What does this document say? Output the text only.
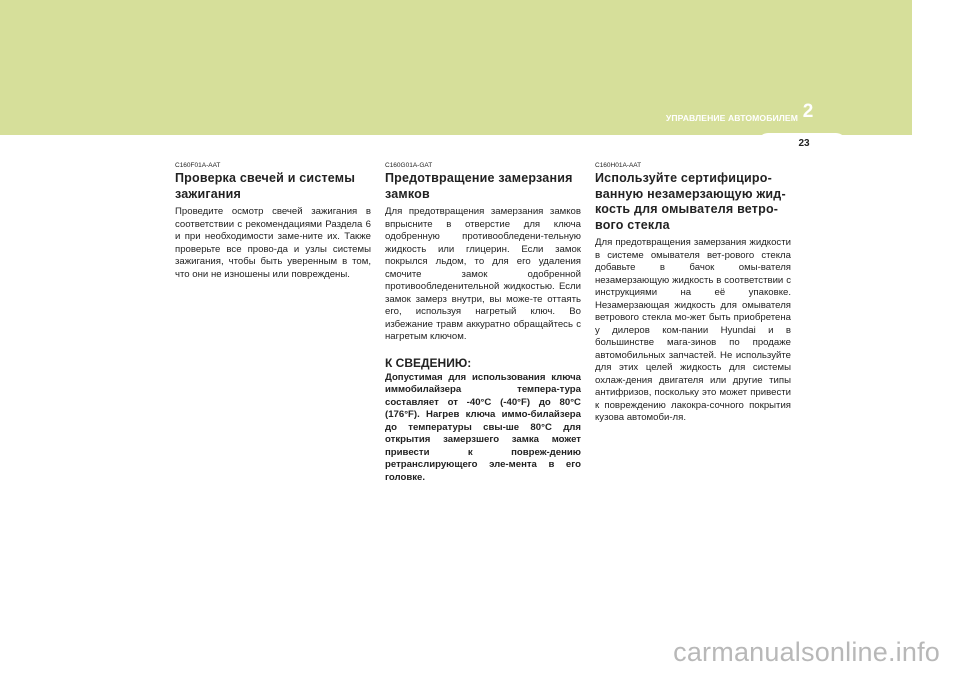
УПРАВЛЕНИЕ АВТОМОБИЛЕМ 2
23

C160F01A-AAT

Проверка свечей и системы зажигания

Проведите осмотр свечей зажигания в соответствии с рекомендациями Раздела 6 и при необходимости заме-ните их. Также проверьте все прово-да и узлы системы зажигания, чтобы быть уверенным в том, что они не изношены или повреждены.

C160G01A-GAT

Предотвращение замерзания замков

Для предотвращения замерзания замков впрысните в отверстие для ключа одобренную противообледени-тельную жидкость или глицерин. Если замок покрылся льдом, то для его удаления смочите замок одобренной противообледенительной жидкостью. Если замок замерз внутри, вы може-те оттаять его, используя нагретый ключ. Во избежание травм аккуратно обращайтесь с нагретым ключом.

К СВЕДЕНИЮ:

Допустимая для использования ключа иммобилайзера темпера-тура составляет от -40°C (-40°F) до 80°C (176°F). Нагрев ключа иммо-билайзера до температуры свы-ше 80°C для открытия замерзшего замка может привести к повреж-дению ретранслирующего эле-мента в его головке.

C160H01A-AAT

Используйте сертифициро-ванную незамерзающую жид-кость для омывателя ветро-вого стекла

Для предотвращения замерзания жидкости в системе омывателя вет-рового стекла добавьте в бачок омы-вателя незамерзающую жидкость в соответствии с инструкциями на её упаковке. Незамерзающая жидкость для омывателя ветрового стекла мо-жет быть приобретена у дилеров ком-пании Hyundai и в большинстве мага-зинов по продаже автомобильных запчастей. Не используйте для этих целей жидкость для системы охлаж-дения двигателя или другие типы антифризов, поскольку это может привести к повреждению лакокра-сочного покрытия кузова автомоби-ля.

carmanualsonline.info
